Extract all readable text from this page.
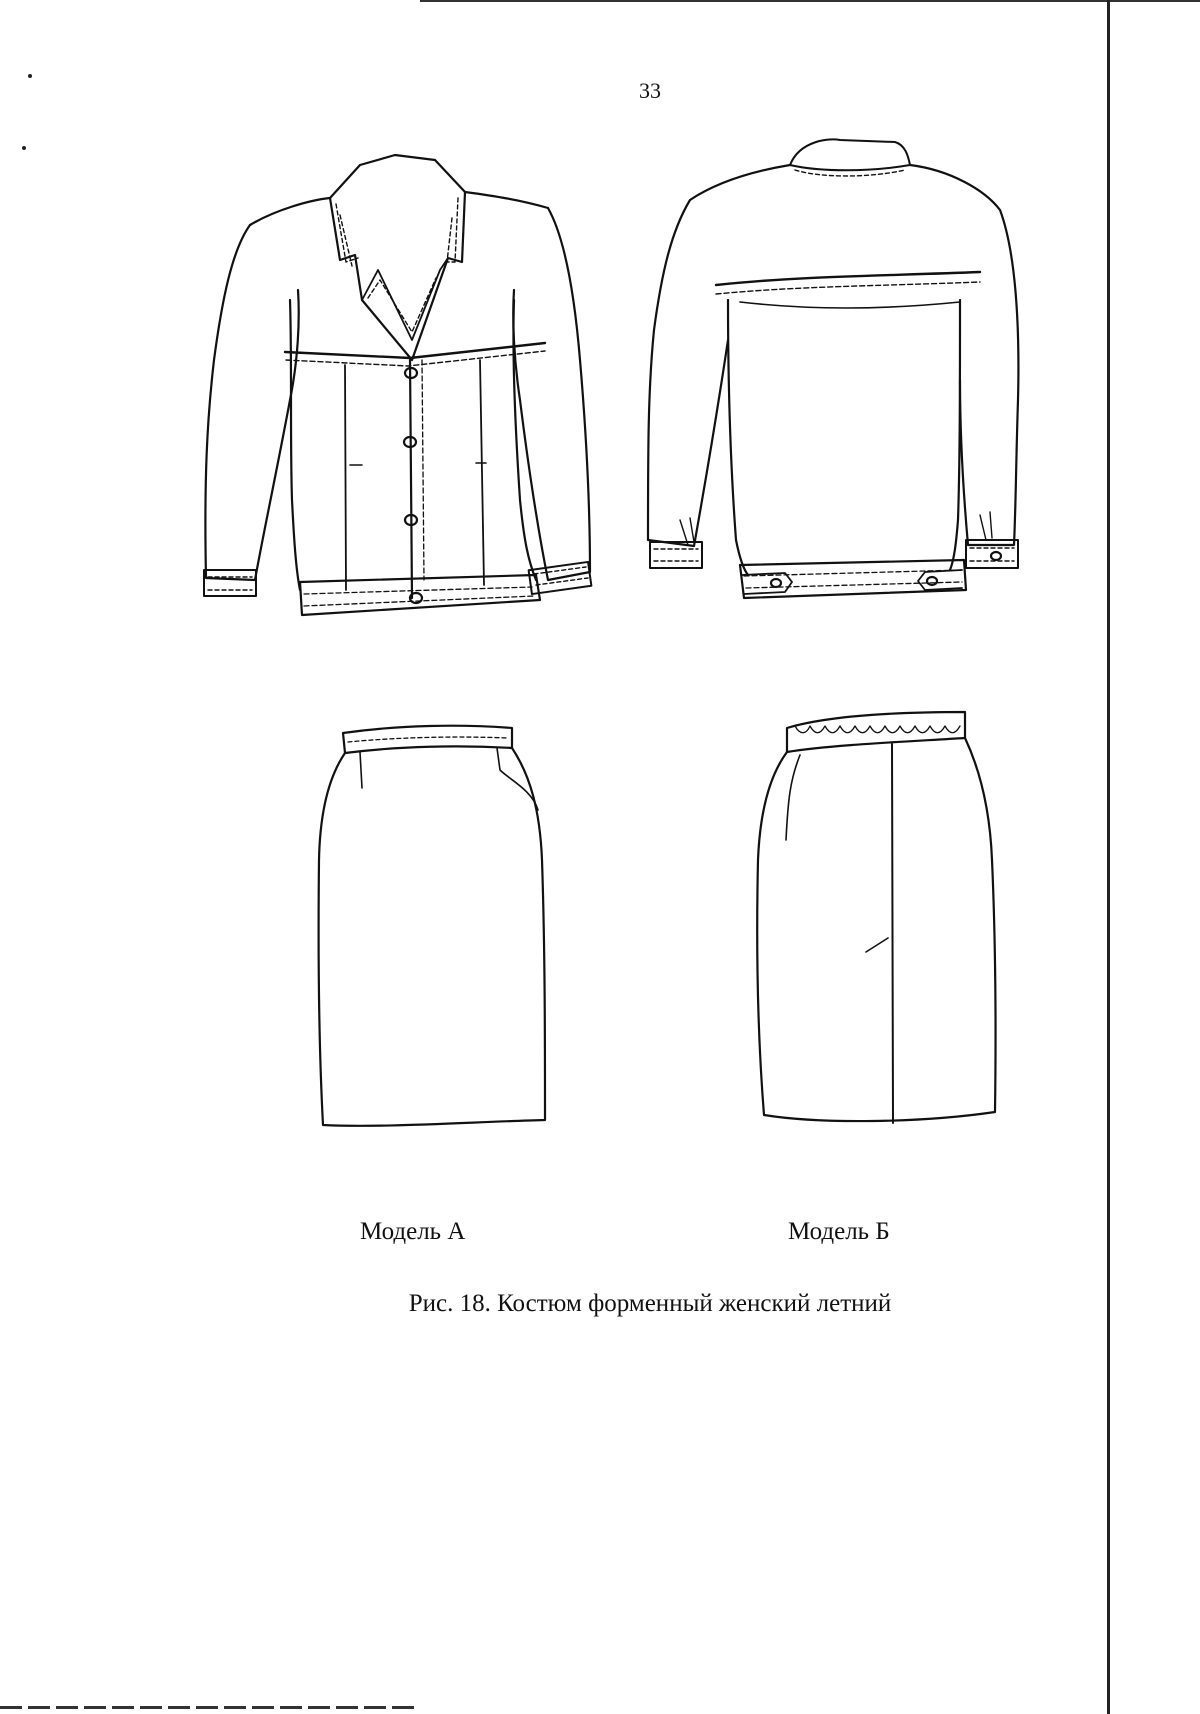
33
Модель А	Модель Б
Рис. 18. Костюм форменный женский летний
